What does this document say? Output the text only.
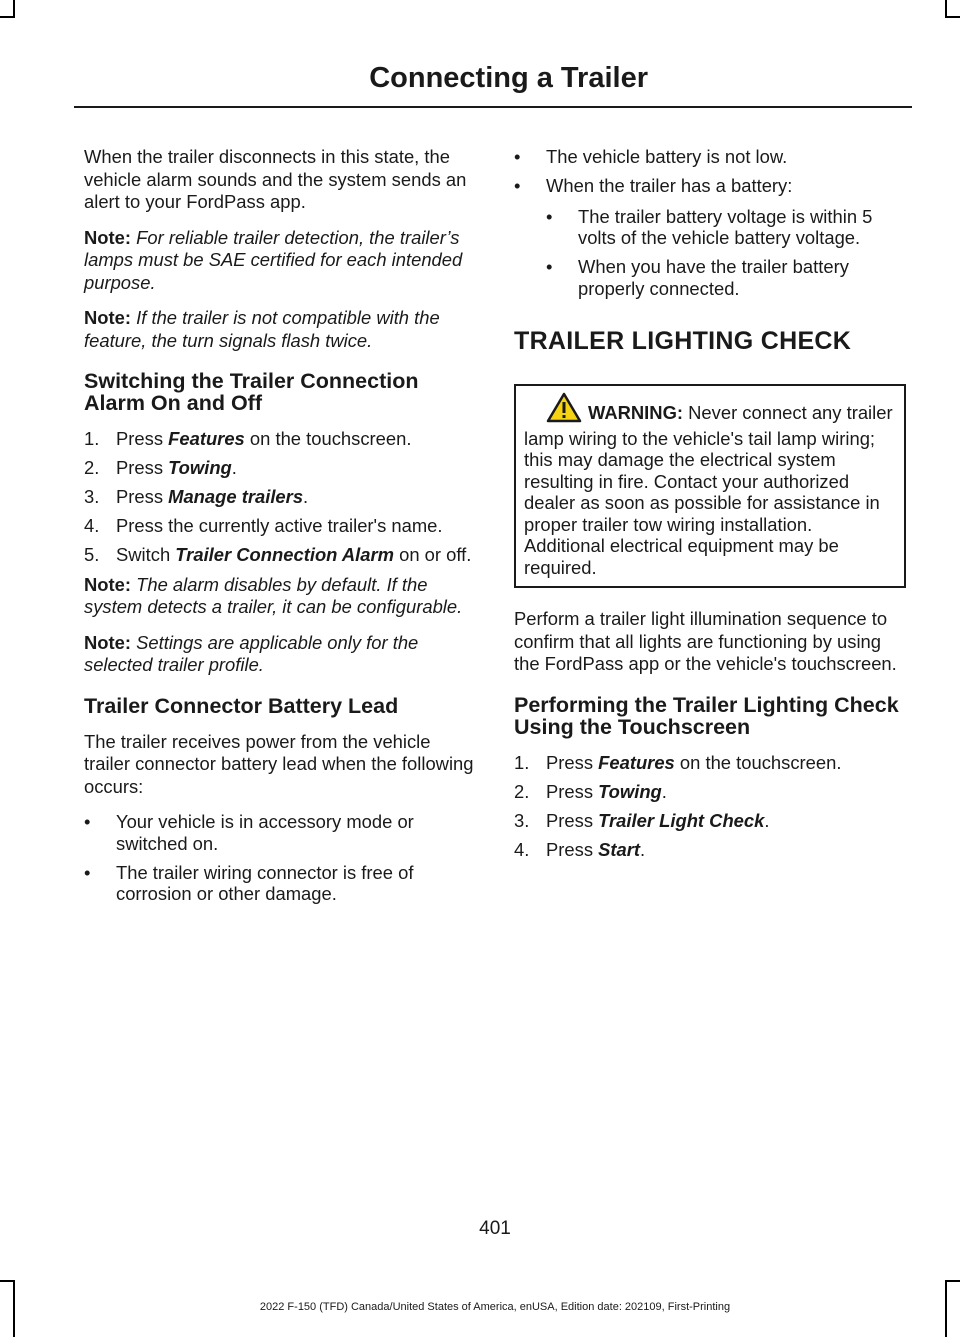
Connecting a Trailer

When the trailer disconnects in this state, the vehicle alarm sounds and the system sends an alert to your FordPass app.

Note: For reliable trailer detection, the trailer’s lamps must be SAE certified for each intended purpose.

Note: If the trailer is not compatible with the feature, the turn signals flash twice.

Switching the Trailer Connection Alarm On and Off
1. Press Features on the touchscreen.
2. Press Towing.
3. Press Manage trailers.
4. Press the currently active trailer's name.
5. Switch Trailer Connection Alarm on or off.

Note: The alarm disables by default. If the system detects a trailer, it can be configurable.

Note: Settings are applicable only for the selected trailer profile.

Trailer Connector Battery Lead

The trailer receives power from the vehicle trailer connector battery lead when the following occurs:

• Your vehicle is in accessory mode or switched on.
• The trailer wiring connector is free of corrosion or other damage.
• The vehicle battery is not low.
• When the trailer has a battery:
• The trailer battery voltage is within 5 volts of the vehicle battery voltage.
• When you have the trailer battery properly connected.
TRAILER LIGHTING CHECK
WARNING: Never connect any trailer lamp wiring to the vehicle's tail lamp wiring; this may damage the electrical system resulting in fire. Contact your authorized dealer as soon as possible for assistance in proper trailer tow wiring installation. Additional electrical equipment may be required.

Perform a trailer light illumination sequence to confirm that all lights are functioning by using the FordPass app or the vehicle's touchscreen.

Performing the Trailer Lighting Check Using the Touchscreen
1. Press Features on the touchscreen.
2. Press Towing.
3. Press Trailer Light Check.
4. Press Start.
401
2022 F-150 (TFD) Canada/United States of America, enUSA, Edition date: 202109, First-Printing
